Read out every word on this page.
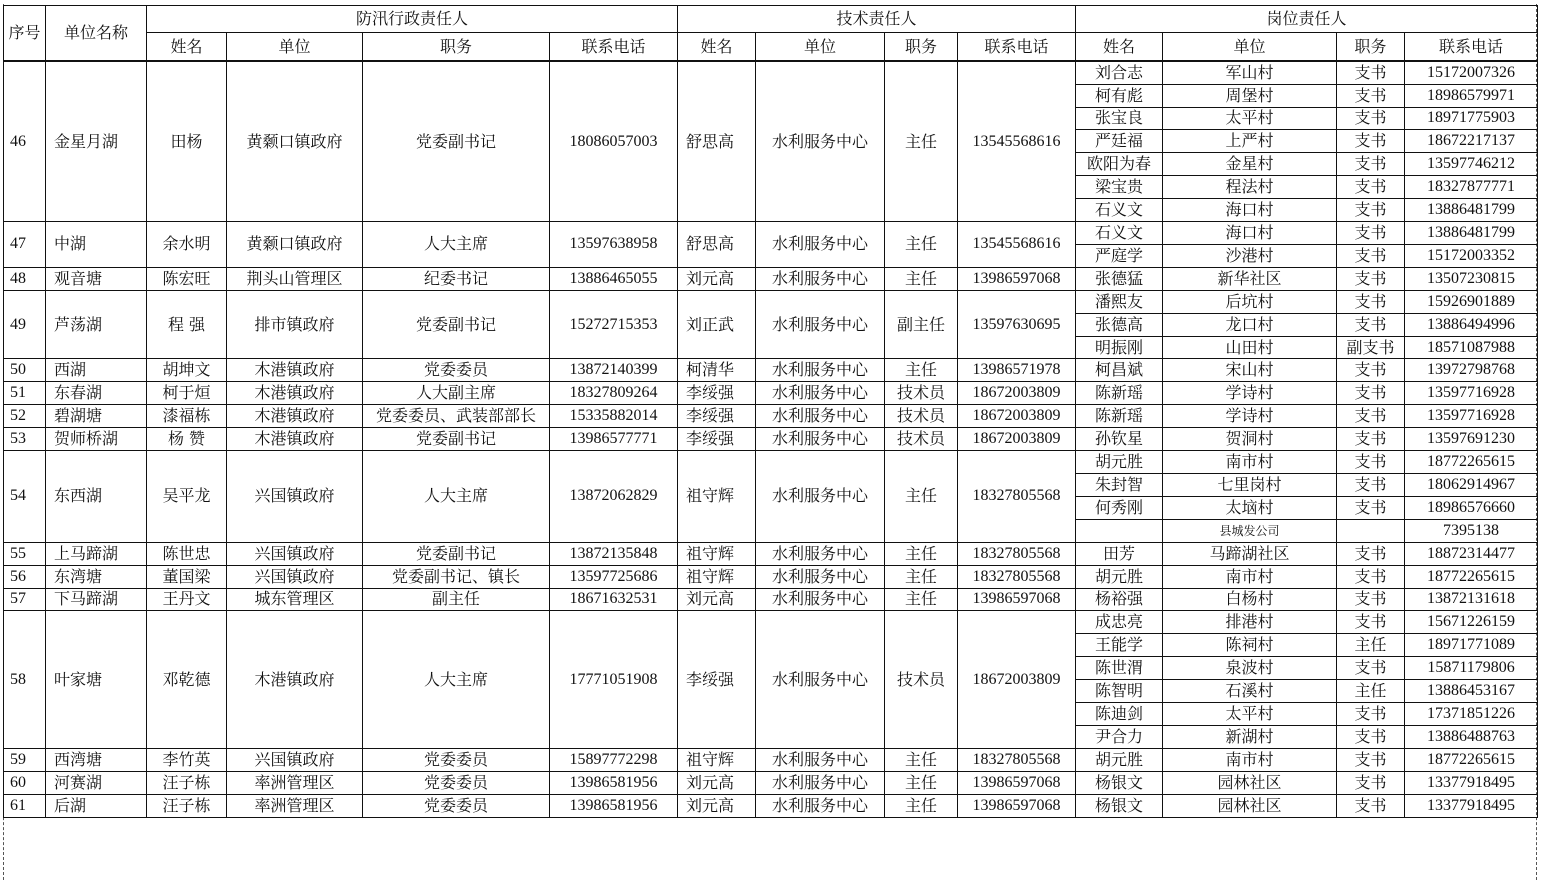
序号	单位名称	防汛行政责任人				技术责任人				岗位责任人			
		姓名	单位	职务	联系电话	姓名	单位	职务	联系电话	姓名	单位	职务	联系电话
46	金星月湖	田杨	黄颡口镇政府	党委副书记	18086057003	舒思高	水利服务中心	主任	13545568616	刘合志	军山村	支书	15172007326
										柯有彪	周堡村	支书	18986579971
										张宝良	太平村	支书	18971775903
										严廷福	上严村	支书	18672217137
										欧阳为春	金星村	支书	13597746212
										梁宝贵	程法村	支书	18327877771
										石义文	海口村	支书	13886481799
47	中湖	余水明	黄颡口镇政府	人大主席	13597638958	舒思高	水利服务中心	主任	13545568616	石义文	海口村	支书	13886481799
										严庭学	沙港村	支书	15172003352
48	观音塘	陈宏旺	荆头山管理区	纪委书记	13886465055	刘元高	水利服务中心	主任	13986597068	张德猛	新华社区	支书	13507230815
49	芦荡湖	程 强	排市镇政府	党委副书记	15272715353	刘正武	水利服务中心	副主任	13597630695	潘熙友	后坑村	支书	15926901889
										张德高	龙口村	支书	13886494996
										明振刚	山田村	副支书	18571087988
50	西湖	胡坤文	木港镇政府	党委委员	13872140399	柯清华	水利服务中心	主任	13986571978	柯昌斌	宋山村	支书	13972798768
51	东春湖	柯于烜	木港镇政府	人大副主席	18327809264	李绥强	水利服务中心	技术员	18672003809	陈新瑶	学诗村	支书	13597716928
52	碧湖塘	漆福栋	木港镇政府	党委委员、武装部部长	15335882014	李绥强	水利服务中心	技术员	18672003809	陈新瑶	学诗村	支书	13597716928
53	贺师桥湖	杨 赞	木港镇政府	党委副书记	13986577771	李绥强	水利服务中心	技术员	18672003809	孙钦星	贺洞村	支书	13597691230
54	东西湖	吴平龙	兴国镇政府	人大主席	13872062829	祖守辉	水利服务中心	主任	18327805568	胡元胜	南市村	支书	18772265615
										朱封智	七里岗村	支书	18062914967
										何秀刚	太垴村	支书	18986576660
											县城发公司		7395138
55	上马蹄湖	陈世忠	兴国镇政府	党委副书记	13872135848	祖守辉	水利服务中心	主任	18327805568	田芳	马蹄湖社区	支书	18872314477
56	东湾塘	董国梁	兴国镇政府	党委副书记、镇长	13597725686	祖守辉	水利服务中心	主任	18327805568	胡元胜	南市村	支书	18772265615
57	下马蹄湖	王丹文	城东管理区	副主任	18671632531	刘元高	水利服务中心	主任	13986597068	杨裕强	白杨村	支书	13872131618
58	叶家塘	邓乾德	木港镇政府	人大主席	17771051908	李绥强	水利服务中心	技术员	18672003809	成忠亮	排港村	支书	15671226159
										王能学	陈祠村	主任	18971771089
										陈世渭	泉波村	支书	15871179806
										陈智明	石溪村	主任	13886453167
										陈迪剑	太平村	支书	17371851226
										尹合力	新湖村	支书	13886488763
59	西湾塘	李竹英	兴国镇政府	党委委员	15897772298	祖守辉	水利服务中心	主任	18327805568	胡元胜	南市村	支书	18772265615
60	河赛湖	汪子栋	率洲管理区	党委委员	13986581956	刘元高	水利服务中心	主任	13986597068	杨银文	园林社区	支书	13377918495
61	后湖	汪子栋	率洲管理区	党委委员	13986581956	刘元高	水利服务中心	主任	13986597068	杨银文	园林社区	支书	13377918495
